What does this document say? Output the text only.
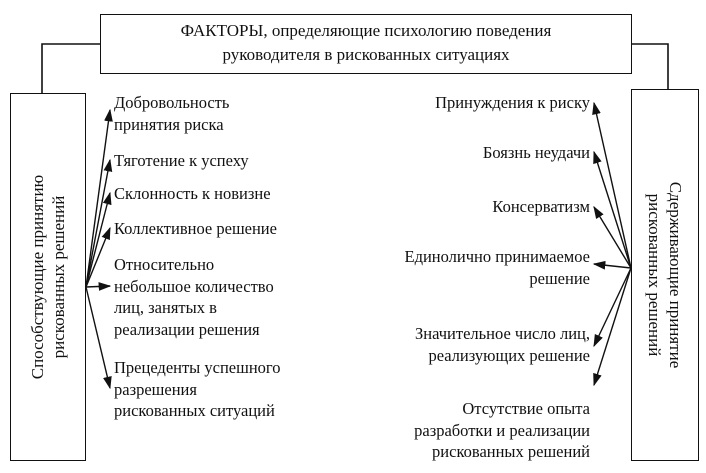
ФАКТОРЫ, определяющие психологию поведения
руководителя в рискованных ситуациях
Способствующие принятию рискованных решений	Сдерживающие принятие
рискованных решений
Добровольность
принятия риска
Тяготение к успеху
Склонность к новизне
Коллективное решение
Относительно
небольшое количество
лиц, занятых в
реализации решения
Прецеденты успешного
разрешения
рискованных ситуаций
Принуждения к риску
Боязнь неудачи
Консерватизм
Единолично принимаемое
решение
Значительное число лиц,
реализующих решение
Отсутствие опыта
разработки и реализации
рискованных решений
